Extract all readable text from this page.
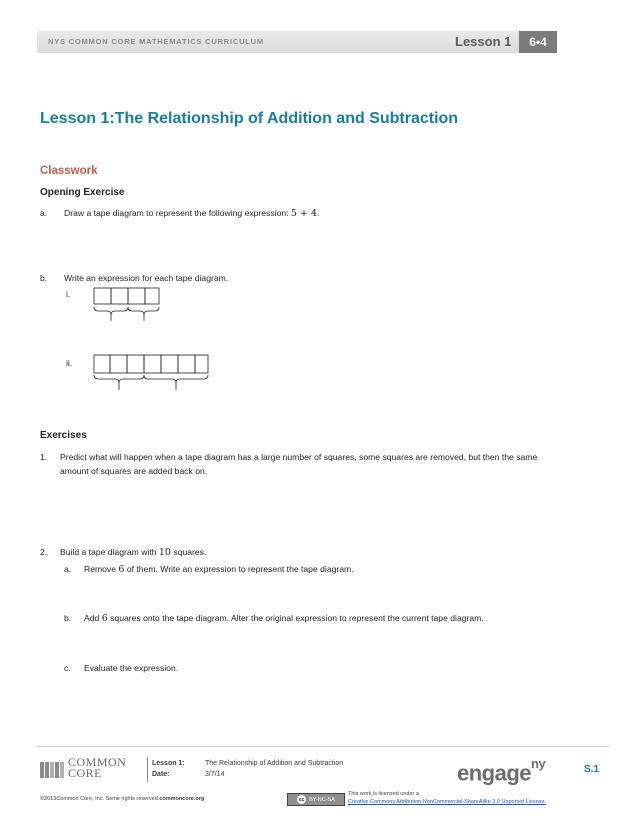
NYS COMMON CORE MATHEMATICS CURRICULUM	Lesson 1	6•4
Lesson 1:The Relationship of Addition and Subtraction
Classwork
Opening Exercise
a. Draw a tape diagram to represent the following expression: 5 + 4.
b. Write an expression for each tape diagram.
i.
ii.
Exercises
1. Predict what will happen when a tape diagram has a large number of squares, some squares are removed, but then the same amount of squares are added back on.
2. Build a tape diagram with 10 squares.
a. Remove 6 of them. Write an expression to represent the tape diagram.
b. Add 6 squares onto the tape diagram. Alter the original expression to represent the current tape diagram.
c. Evaluate the expression.
COMMON
CORE
Lesson 1:	The Relationship of Addition and Subtraction
Date:	3/7/14	engage$^{ny}$	S.1
©2013Common Core, Inc. Some rights reserved.commoncore.org	cc BY-NC-SA
This work is licensed under a
Creative Commons Attribution-NonCommercial-ShareAlike 3.0 Unported License.
